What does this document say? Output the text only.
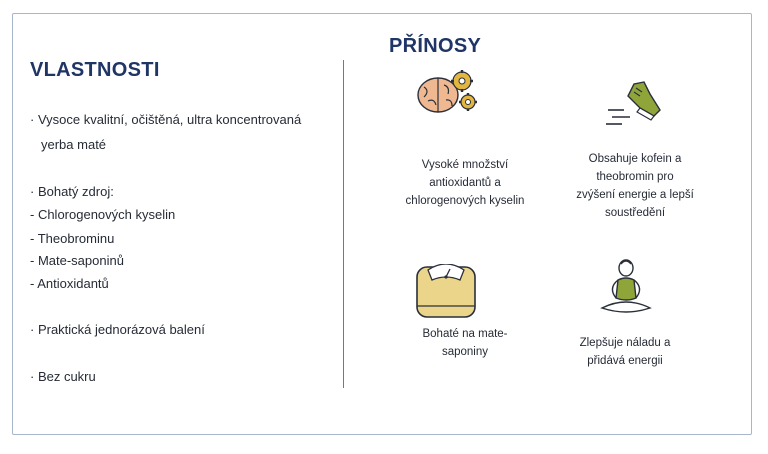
VLASTNOSTI
· Vysoce kvalitní, očištěná, ultra koncentrovaná
yerba maté
· Bohatý zdroj:
- Chlorogenových kyselin
- Theobrominu
- Mate-saponinů
- Antioxidantů
· Praktická jednorázová balení
· Bez cukru
PŘÍNOSY
Vysoké množství
antioxidantů a
chlorogenových kyselin
Obsahuje kofein a
theobromin pro
zvýšení energie a lepší
soustředění
Bohaté na mate-
saponiny
Zlepšuje náladu a
přidává energii
